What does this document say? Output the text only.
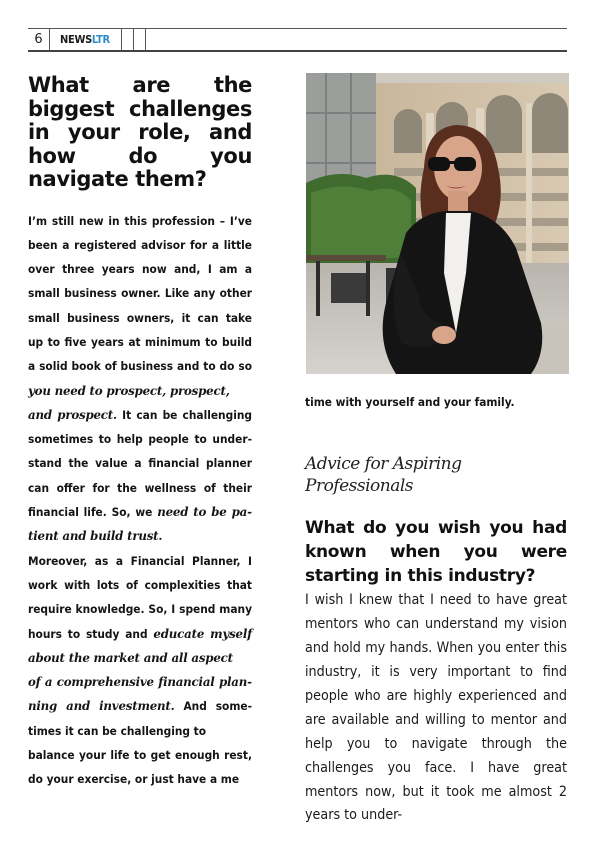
6	NEWSLTR
What are the biggest challenges in your role, and how do you navigate them?

I’m still new in this profession – I’ve been a registered advisor for a little over three years now and, I am a small business owner. Like any other small business owners, it can take up to five years at minimum to build a solid book of business and to do so you need to prospect, prospect,
and prospect. It can be challenging sometimes to help people to understand the value a financial planner can offer for the wellness of their financial life. So, we need to be patient and build trust.

Moreover, as a Financial Planner, I work with lots of complexities that require knowledge. So, I spend many hours to study and educate myself about the market and all aspect
of a comprehensive financial planning and investment. And sometimes it can be challenging to
balance your life to get enough rest, do your exercise, or just have a me

time with yourself and your family.

Advice for Aspiring Professionals
What do you wish you had known when you were starting in this industry?

I wish I knew that I need to have great mentors who can understand my vision and hold my hands. When you enter this industry, it is very important to find people who are highly experienced and are available and willing to mentor and help you to navigate through the challenges you face. I have great mentors now, but it took me almost 2 years to under-
